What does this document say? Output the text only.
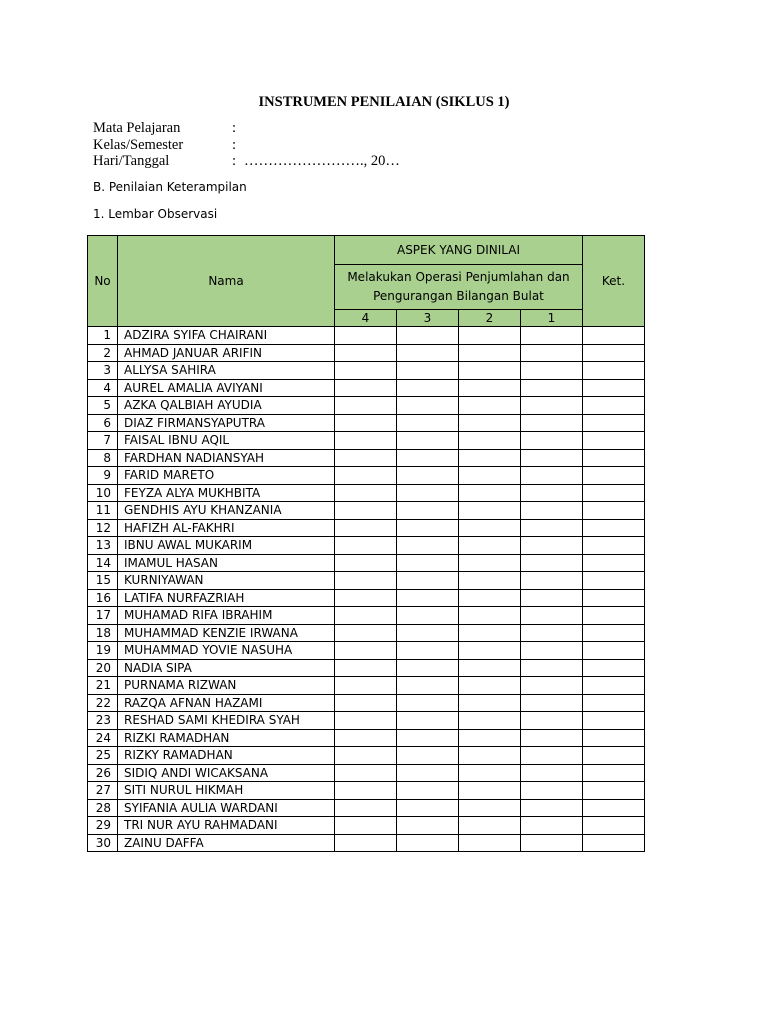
INSTRUMEN PENILAIAN (SIKLUS 1)
Mata Pelajaran	:
Kelas/Semester	:
Hari/Tanggal	: ……………………., 20…
B. Penilaian Keterampilan
1. Lembar Observasi
No	Nama	ASPEK YANG DINILAI				Ket.
		Melakukan Operasi Penjumlahan dan Pengurangan Bilangan Bulat				
		4	3	2	1	
1	ADZIRA SYIFA CHAIRANI					
2	AHMAD JANUAR ARIFIN					
3	ALLYSA SAHIRA					
4	AUREL AMALIA AVIYANI					
5	AZKA QALBIAH AYUDIA					
6	DIAZ FIRMANSYAPUTRA					
7	FAISAL IBNU AQIL					
8	FARDHAN NADIANSYAH					
9	FARID MARETO					
10	FEYZA ALYA MUKHBITA					
11	GENDHIS AYU KHANZANIA					
12	HAFIZH AL-FAKHRI					
13	IBNU AWAL MUKARIM					
14	IMAMUL HASAN					
15	KURNIYAWAN					
16	LATIFA NURFAZRIAH					
17	MUHAMAD RIFA IBRAHIM					
18	MUHAMMAD KENZIE IRWANA					
19	MUHAMMAD YOVIE NASUHA					
20	NADIA SIPA					
21	PURNAMA RIZWAN					
22	RAZQA AFNAN HAZAMI					
23	RESHAD SAMI KHEDIRA SYAH					
24	RIZKI RAMADHAN					
25	RIZKY RAMADHAN					
26	SIDIQ ANDI WICAKSANA					
27	SITI NURUL HIKMAH					
28	SYIFANIA AULIA WARDANI					
29	TRI NUR AYU RAHMADANI					
30	ZAINU DAFFA					
